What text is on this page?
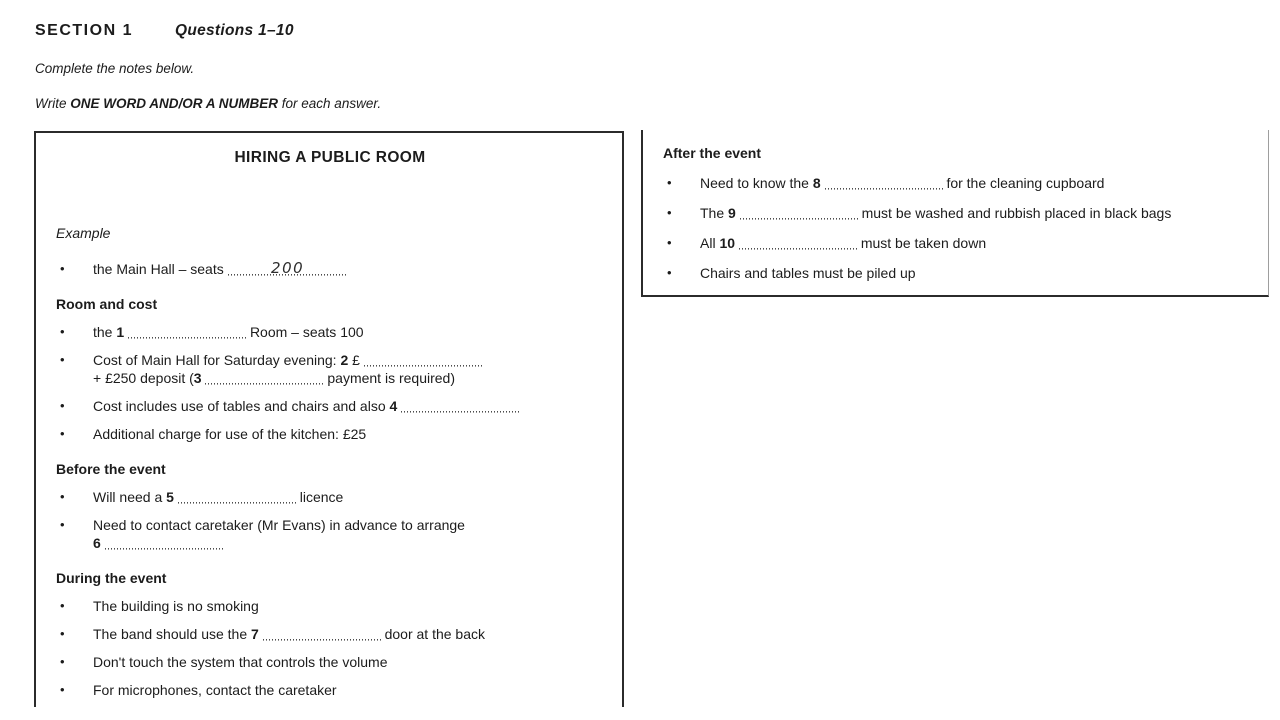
SECTION 1	Questions 1–10
Complete the notes below.
Write ONE WORD AND/OR A NUMBER for each answer.
HIRING A PUBLIC ROOM
Example
•	the Main Hall – seats	200
Room and cost
•	the 1	Room – seats 100
•	Cost of Main Hall for Saturday evening: 2 £
+ £250 deposit (3	payment is required)
•	Cost includes use of tables and chairs and also 4
•	Additional charge for use of the kitchen: £25
Before the event
•	Will need a 5	licence
•	Need to contact caretaker (Mr Evans) in advance to arrange
6
During the event
•	The building is no smoking
•	The band should use the 7	door at the back
•	Don't touch the system that controls the volume
•	For microphones, contact the caretaker
After the event
•	Need to know the 8	for the cleaning cupboard
•	The 9	must be washed and rubbish placed in black bags
•	All 10	must be taken down
•	Chairs and tables must be piled up
